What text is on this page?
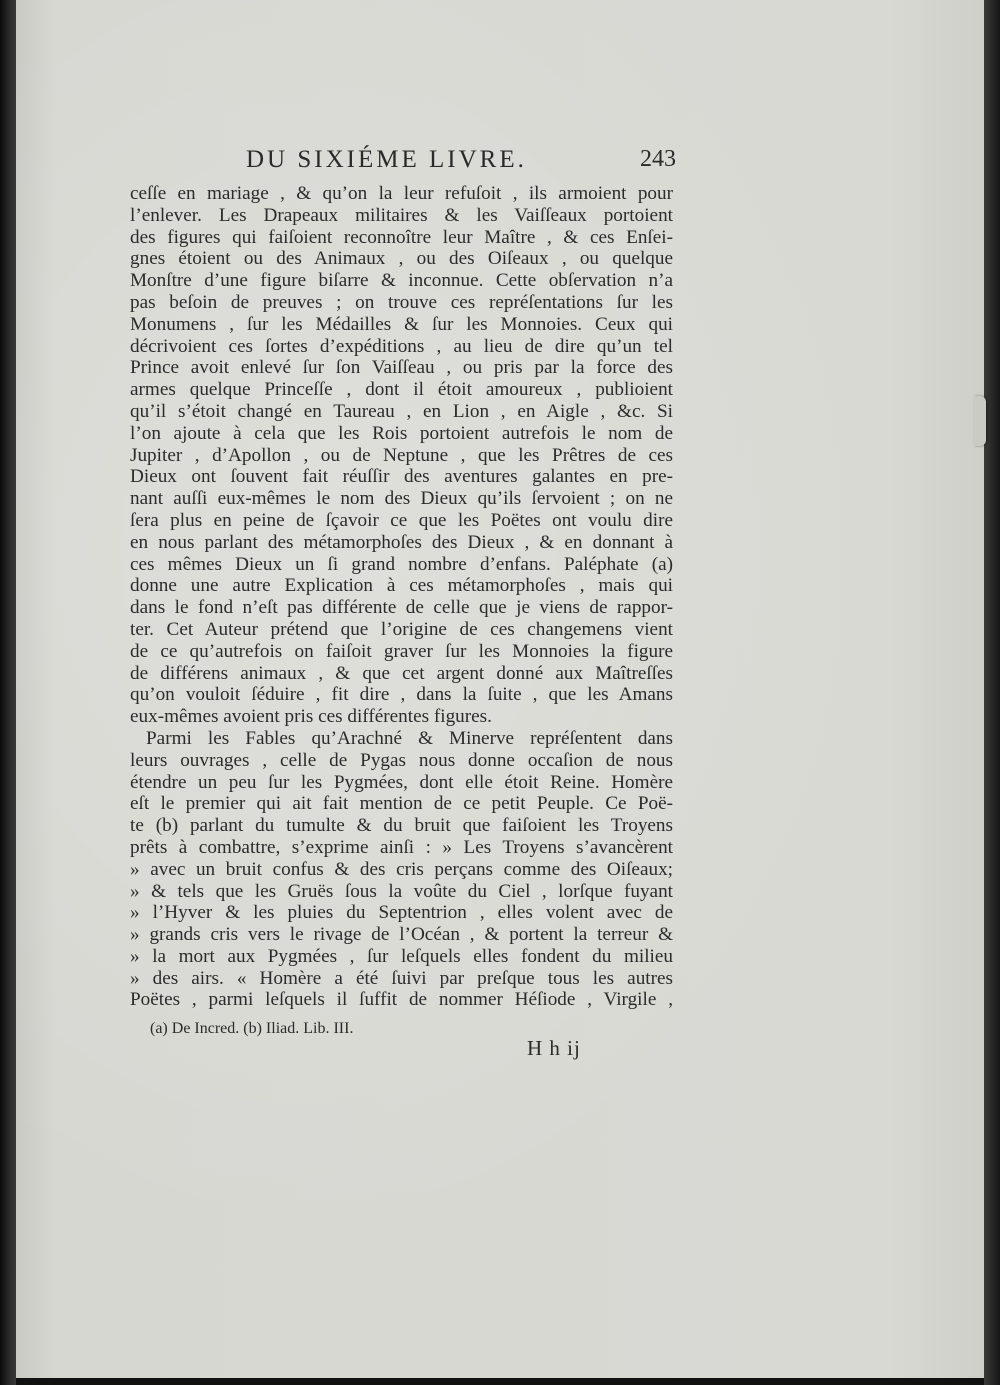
DU SIXIÉME LIVRE.	243
ceſſe en mariage , & qu’on la leur refuſoit , ils armoient pour
l’enlever. Les Drapeaux militaires & les Vaiſſeaux portoient
des figures qui faiſoient reconnoître leur Maître , & ces Enſei-
gnes étoient ou des Animaux , ou des Oiſeaux , ou quelque
Monſtre d’une figure biſarre & inconnue. Cette obſervation n’a
pas beſoin de preuves ; on trouve ces repréſentations ſur les
Monumens , ſur les Médailles & ſur les Monnoies. Ceux qui
décrivoient ces ſortes d’expéditions , au lieu de dire qu’un tel
Prince avoit enlevé ſur ſon Vaiſſeau , ou pris par la force des
armes quelque Princeſſe , dont il étoit amoureux , publioient
qu’il s’étoit changé en Taureau , en Lion , en Aigle , &c. Si
l’on ajoute à cela que les Rois portoient autrefois le nom de
Jupiter , d’Apollon , ou de Neptune , que les Prêtres de ces
Dieux ont ſouvent fait réuſſir des aventures galantes en pre-
nant auſſi eux-mêmes le nom des Dieux qu’ils ſervoient ; on ne
ſera plus en peine de ſçavoir ce que les Poëtes ont voulu dire
en nous parlant des métamorphoſes des Dieux , & en donnant à
ces mêmes Dieux un ſi grand nombre d’enfans. Paléphate (a)
donne une autre Explication à ces métamorphoſes , mais qui
dans le fond n’eſt pas différente de celle que je viens de rappor-
ter. Cet Auteur prétend que l’origine de ces changemens vient
de ce qu’autrefois on faiſoit graver ſur les Monnoies la figure
de différens animaux , & que cet argent donné aux Maîtreſſes
qu’on vouloit ſéduire , fit dire , dans la ſuite , que les Amans
eux-mêmes avoient pris ces différentes figures.
Parmi les Fables qu’Arachné & Minerve repréſentent dans
leurs ouvrages , celle de Pygas nous donne occaſion de nous
étendre un peu ſur les Pygmées, dont elle étoit Reine. Homère
eſt le premier qui ait fait mention de ce petit Peuple. Ce Poë-
te (b) parlant du tumulte & du bruit que faiſoient les Troyens
prêts à combattre, s’exprime ainſi : » Les Troyens s’avancèrent
» avec un bruit confus & des cris perçans comme des Oiſeaux;
» & tels que les Gruës ſous la voûte du Ciel , lorſque fuyant
» l’Hyver & les pluies du Septentrion , elles volent avec de
» grands cris vers le rivage de l’Océan , & portent la terreur &
» la mort aux Pygmées , ſur leſquels elles fondent du milieu
» des airs. « Homère a été ſuivi par preſque tous les autres
Poëtes , parmi leſquels il ſuffit de nommer Héſiode , Virgile ,
(a) De Incred. (b) Iliad. Lib. III.
H h ij
